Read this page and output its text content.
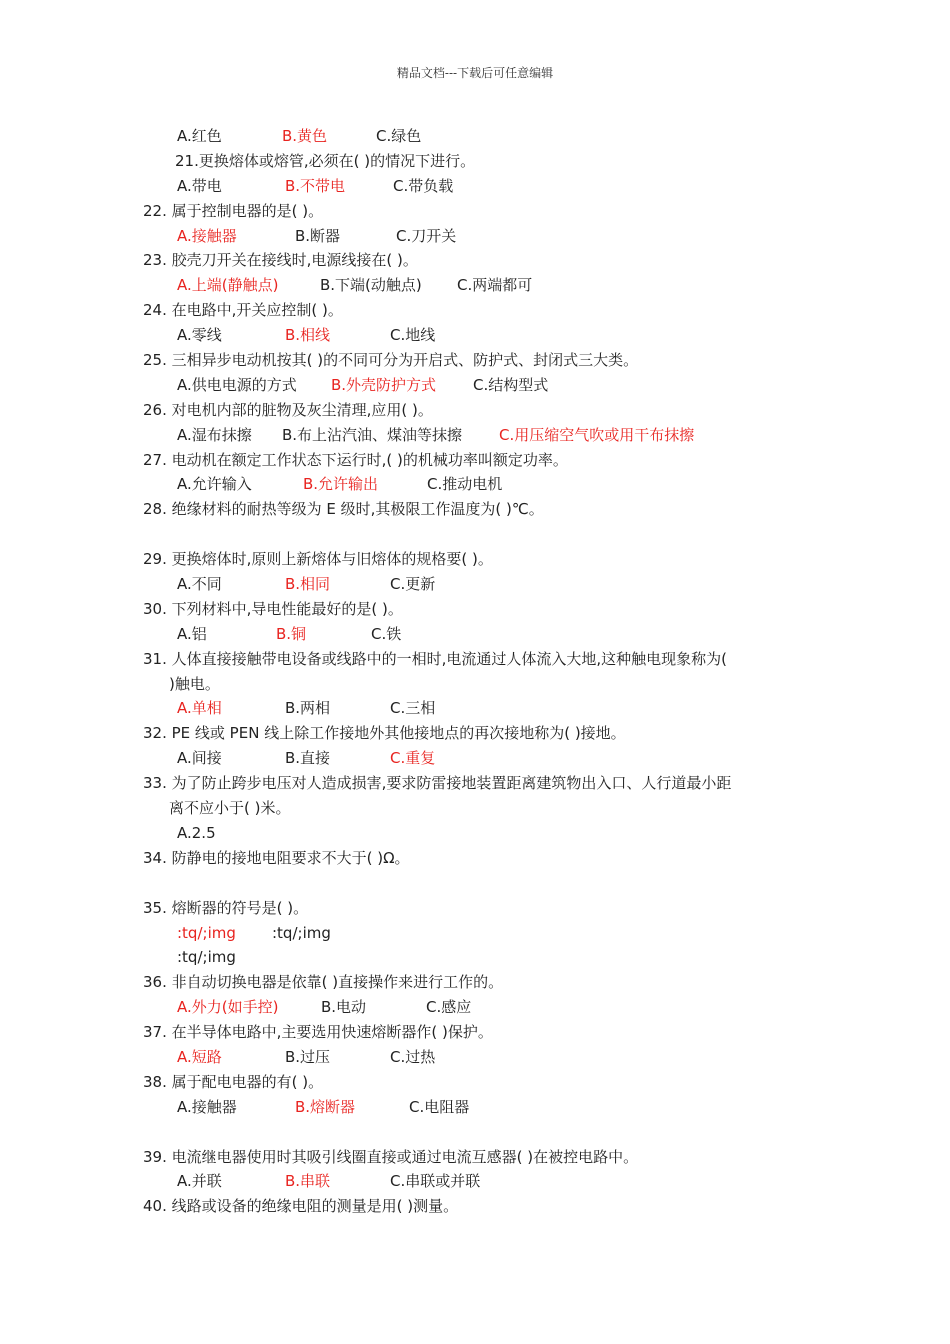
精品文档---下载后可任意编辑
A.红色	B.黄色	C.绿色
21.更换熔体或熔管,必须在( )的情况下进行。
A.带电	B.不带电	C.带负载
22. 属于控制电器的是( )。
A.接触器	B.断器	C.刀开关
23. 胶壳刀开关在接线时,电源线接在( )。
A.上端(静触点)	B.下端(动触点) C.两端都可
24. 在电路中,开关应控制( )。
A.零线	B.相线	C.地线
25. 三相异步电动机按其( )的不同可分为开启式、防护式、封闭式三大类。
A.供电电源的方式 B.外壳防护方式 C.结构型式
26. 对电机内部的脏物及灰尘清理,应用( )。
A.湿布抹擦 B.布上沾汽油、煤油等抹擦 C.用压缩空气吹或用干布抹擦
27. 电动机在额定工作状态下运行时,( )的机械功率叫额定功率。
A.允许输入	B.允许输出	C.推动电机
28. 绝缘材料的耐热等级为 E 级时,其极限工作温度为( )℃。
29. 更换熔体时,原则上新熔体与旧熔体的规格要( )。
A.不同	B.相同	C.更新
30. 下列材料中,导电性能最好的是( )。
A.铝	B.铜	C.铁
31. 人体直接接触带电设备或线路中的一相时,电流通过人体流入大地,这种触电现象称为(
)触电。
A.单相	B.两相	C.三相
32. PE 线或 PEN 线上除工作接地外其他接地点的再次接地称为( )接地。
A.间接	B.直接	C.重复
33. 为了防止跨步电压对人造成损害,要求防雷接地装置距离建筑物出入口、人行道最小距
离不应小于( )米。
A.2.5
34. 防静电的接地电阻要求不大于( )Ω。
35. 熔断器的符号是( )。
:tq/;img :tq/;img
:tq/;img
36. 非自动切换电器是依靠( )直接操作来进行工作的。
A.外力(如手控)	B.电动	C.感应
37. 在半导体电路中,主要选用快速熔断器作( )保护。
A.短路	B.过压	C.过热
38. 属于配电电器的有( )。
A.接触器	B.熔断器	C.电阻器
39. 电流继电器使用时其吸引线圈直接或通过电流互感器( )在被控电路中。
A.并联	B.串联	C.串联或并联
40. 线路或设备的绝缘电阻的测量是用( )测量。
